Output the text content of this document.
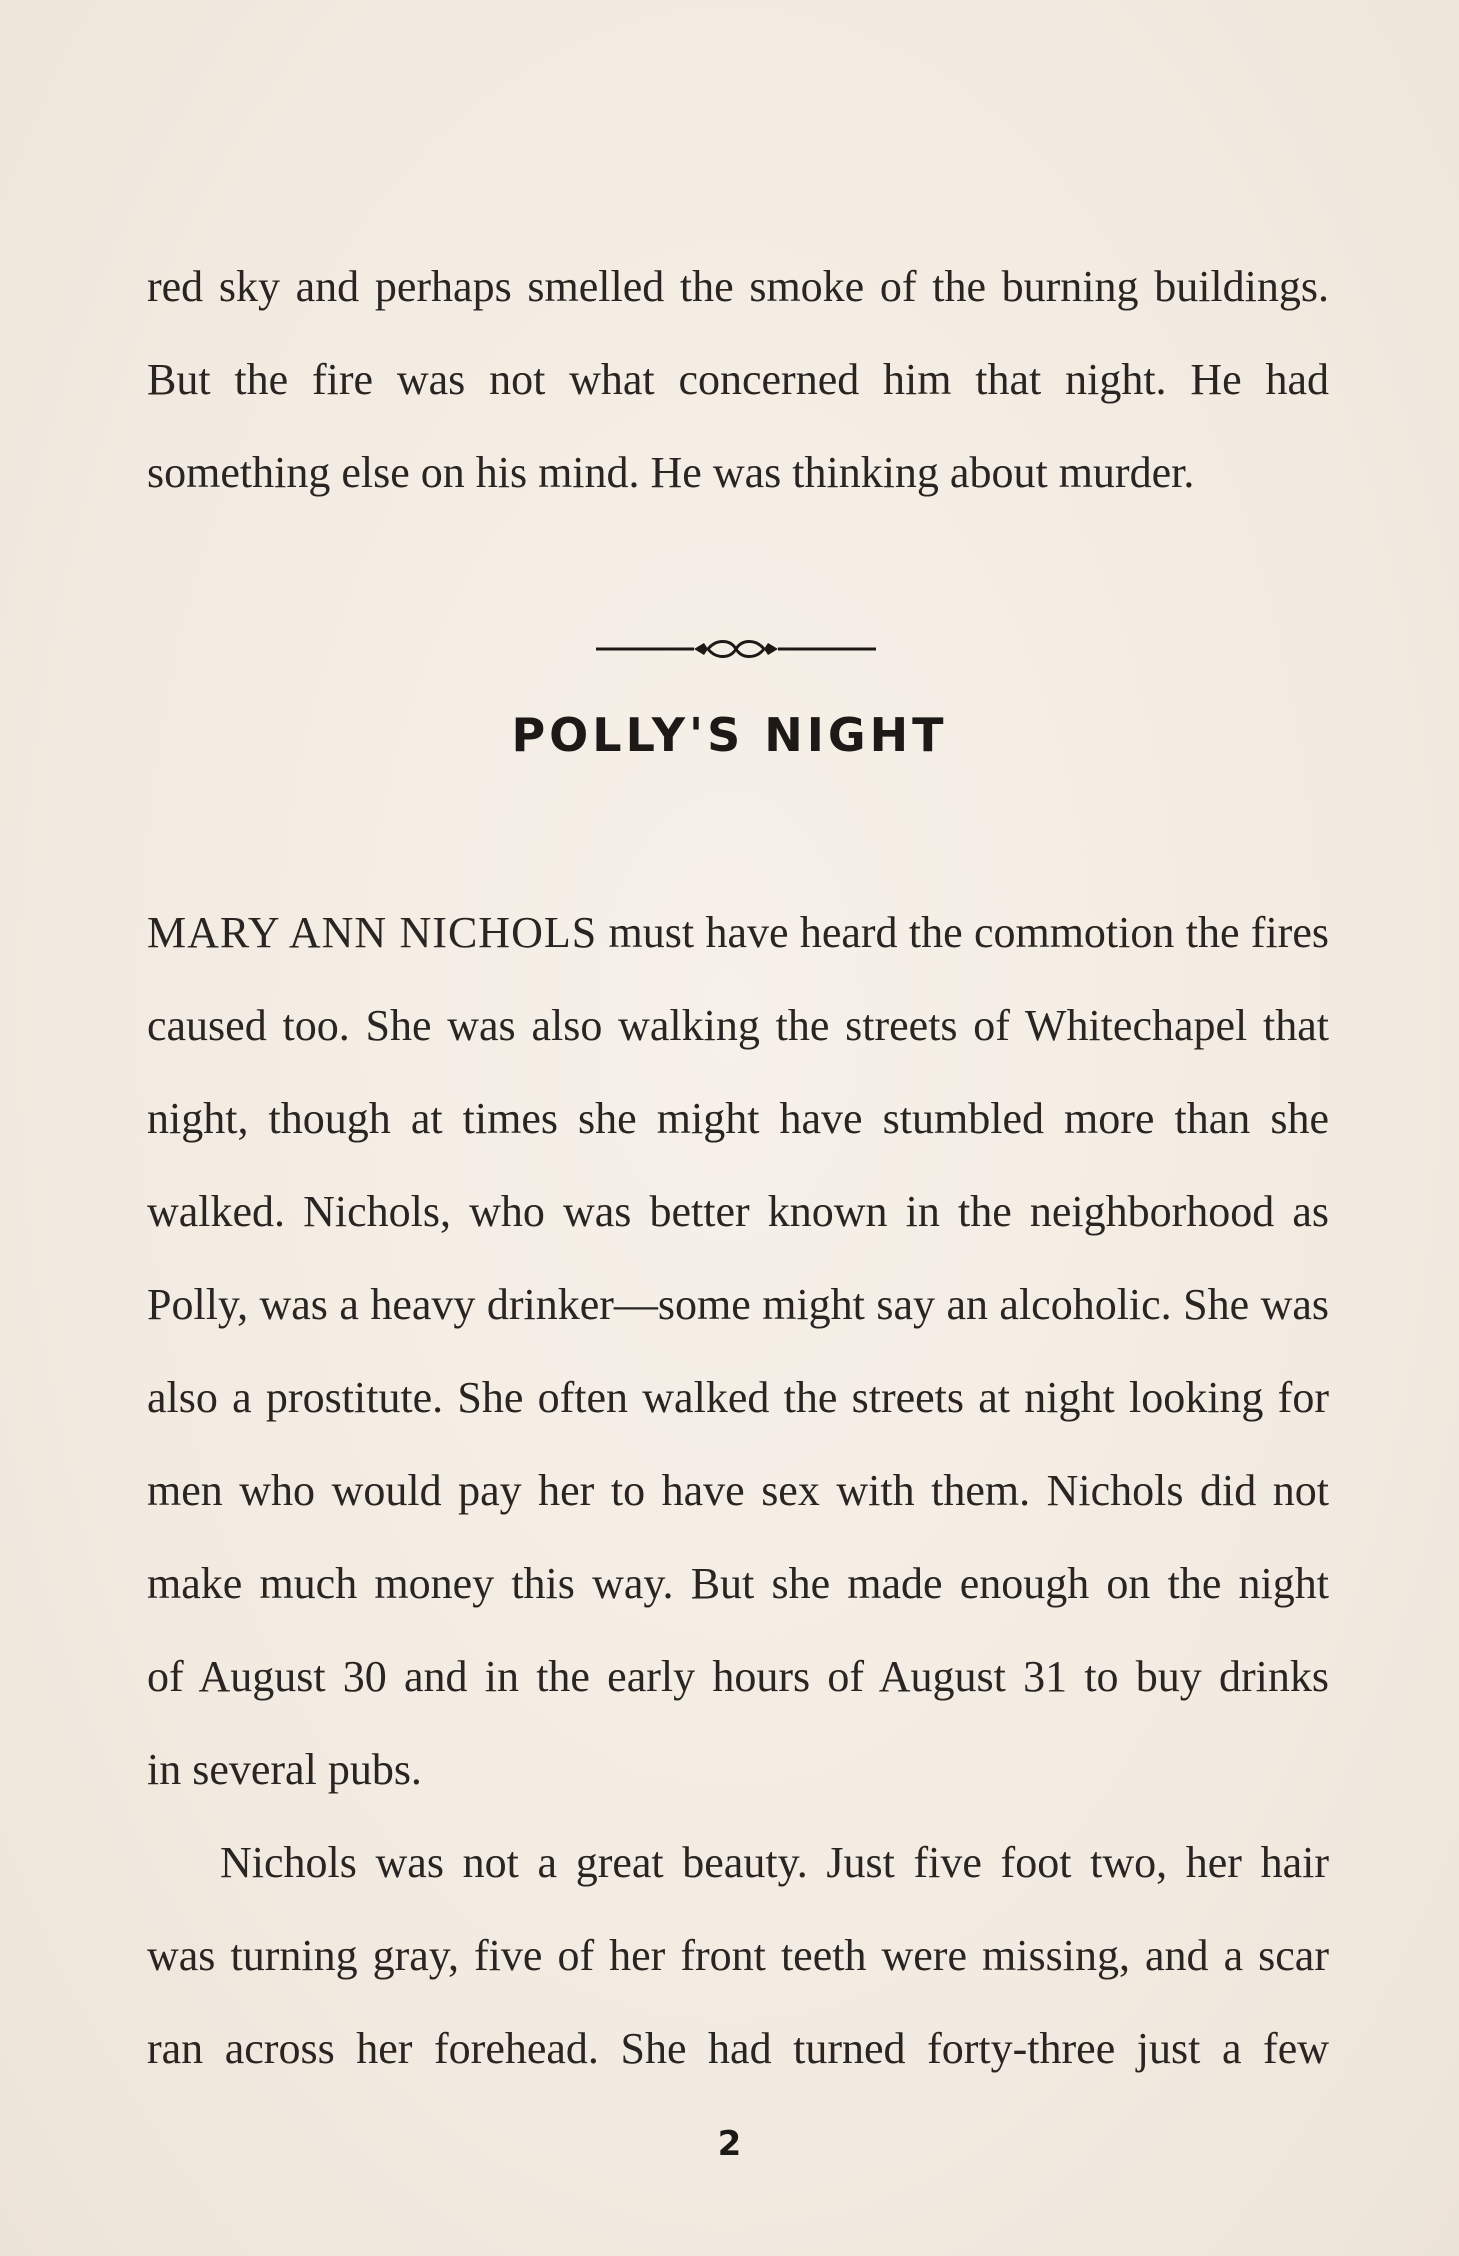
red sky and perhaps smelled the smoke of the burning buildings.

But the fire was not what concerned him that night. He had

something else on his mind. He was thinking about murder.

POLLY'S NIGHT

MARY ANN NICHOLS must have heard the commotion the fires

caused too. She was also walking the streets of Whitechapel that

night, though at times she might have stumbled more than she

walked. Nichols, who was better known in the neighborhood as

Polly, was a heavy drinker—some might say an alcoholic. She was

also a prostitute. She often walked the streets at night looking for

men who would pay her to have sex with them. Nichols did not

make much money this way. But she made enough on the night

of August 30 and in the early hours of August 31 to buy drinks

in several pubs.

Nichols was not a great beauty. Just five foot two, her hair

was turning gray, five of her front teeth were missing, and a scar

ran across her forehead. She had turned forty-three just a few

2
